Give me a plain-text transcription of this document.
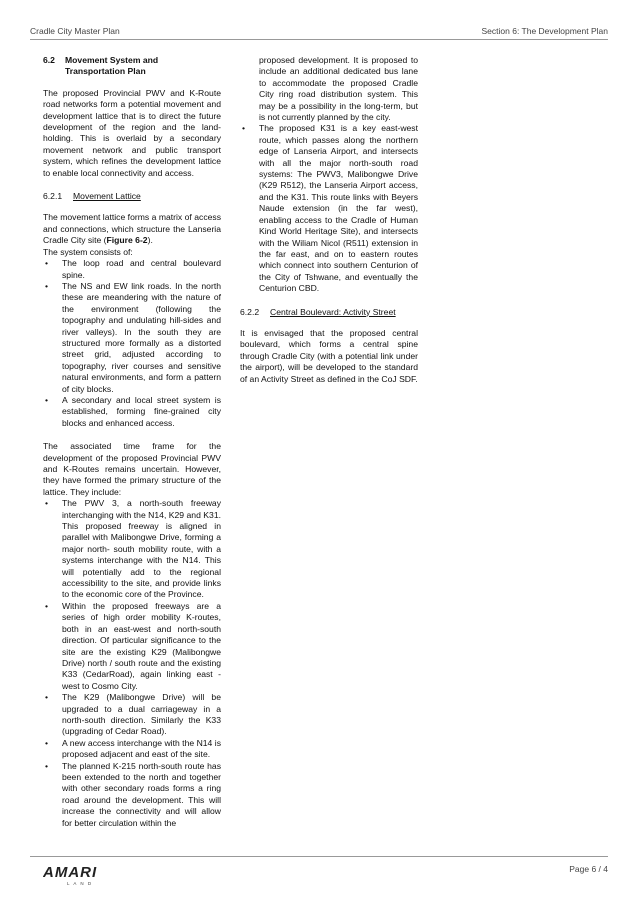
Cradle City Master Plan	Section 6: The Development Plan
6.2 Movement System and Transportation Plan

The proposed Provincial PWV and K-Route road networks form a potential movement and development lattice that is to direct the future development of the region and the land-holding. This is overlaid by a secondary movement network and public transport system, which refines the development lattice to enable local connectivity and access.

6.2.1 Movement Lattice

The movement lattice forms a matrix of access and connections, which structure the Lanseria Cradle City site (Figure 6-2).

The system consists of:

• The loop road and central boulevard spine.
• The NS and EW link roads. In the north these are meandering with the nature of the environment (following the topography and undulating hill-sides and river valleys). In the south they are structured more formally as a distorted street grid, adjusted according to topography, river courses and sensitive natural environments, and form a pattern of city blocks.
• A secondary and local street system is established, forming fine-grained city blocks and enhanced access.

The associated time frame for the development of the proposed Provincial PWV and K-Routes remains uncertain. However, they have formed the primary structure of the lattice. They include:

• The PWV 3, a north-south freeway interchanging with the N14, K29 and K31. This proposed freeway is aligned in parallel with Malibongwe Drive, forming a major north- south mobility route, with a systems interchange with the N14. This will potentially add to the regional accessibility to the site, and provide links to the economic core of the Province.
• Within the proposed freeways are a series of high order mobility K-routes, both in an east-west and north-south direction. Of particular significance to the site are the existing K29 (Malibongwe Drive) north / south route and the existing K33 (CedarRoad), again linking east - west to Cosmo City.
• The K29 (Malibongwe Drive) will be upgraded to a dual carriageway in a north-south direction. Similarly the K33 (upgrading of Cedar Road).
• A new access interchange with the N14 is proposed adjacent and east of the site.
• The planned K-215 north-south route has been extended to the north and together with other secondary roads forms a ring road around the development. This will increase the connectivity and will allow for better circulation within the

proposed development. It is proposed to include an additional dedicated bus lane to accommodate the proposed Cradle City ring road distribution system. This may be a possibility in the long-term, but is not currently planned by the city.

• The proposed K31 is a key east-west route, which passes along the northern edge of Lanseria Airport, and intersects with all the major north-south road systems: The PWV3, Malibongwe Drive (K29 R512), the Lanseria Airport access, and the K31. This route links with Beyers Naude extension (in the far west), enabling access to the Cradle of Human Kind World Heritage Site), and intersects with the Wiliam Nicol (R511) extension in the far east, and on to eastern routes which connect into southern Centurion of the City of Tshwane, and eventually the Centurion CBD.
6.2.2 Central Boulevard: Activity Street

It is envisaged that the proposed central boulevard, which forms a central spine through Cradle City (with a potential link under the airport), will be developed to the standard of an Activity Street as defined in the CoJ SDF.

AMARI
L A N D
Page 6 / 4
